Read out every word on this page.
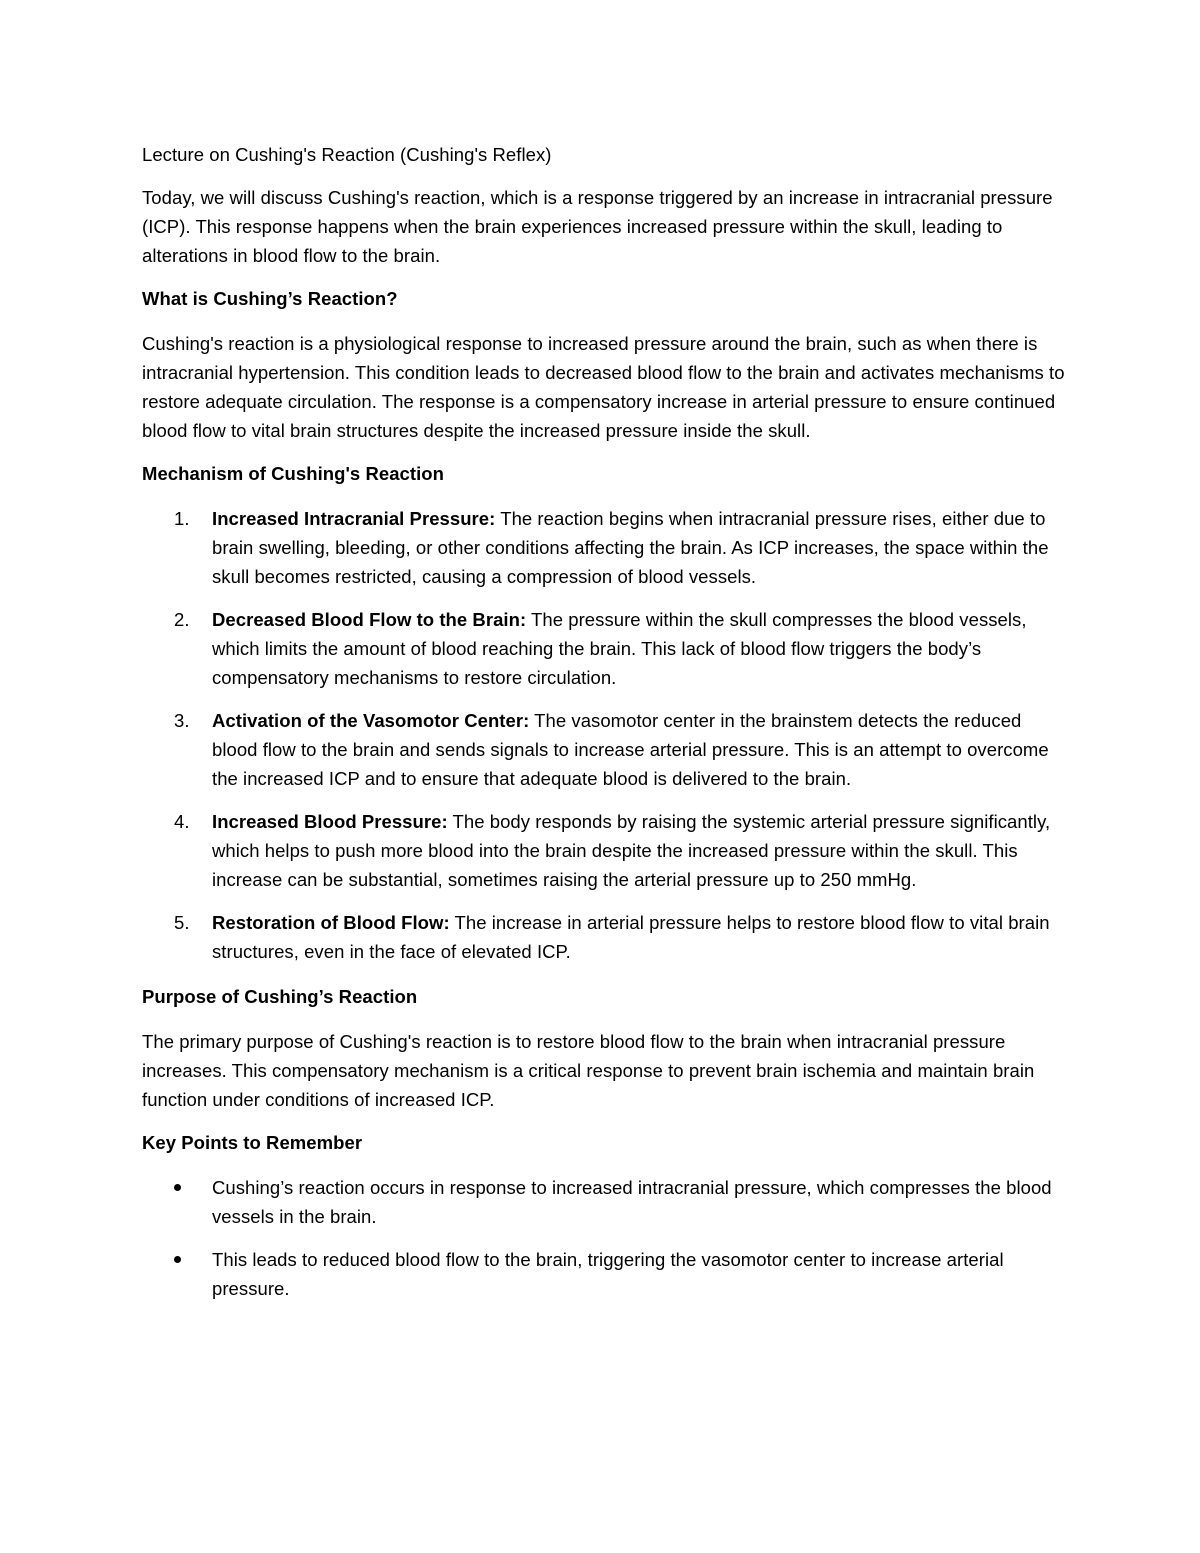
Lecture on Cushing's Reaction (Cushing's Reflex)

Today, we will discuss Cushing's reaction, which is a response triggered by an increase in intracranial pressure (ICP). This response happens when the brain experiences increased pressure within the skull, leading to alterations in blood flow to the brain.

What is Cushing’s Reaction?

Cushing's reaction is a physiological response to increased pressure around the brain, such as when there is intracranial hypertension. This condition leads to decreased blood flow to the brain and activates mechanisms to restore adequate circulation. The response is a compensatory increase in arterial pressure to ensure continued blood flow to vital brain structures despite the increased pressure inside the skull.

Mechanism of Cushing's Reaction

1. Increased Intracranial Pressure: The reaction begins when intracranial pressure rises, either due to brain swelling, bleeding, or other conditions affecting the brain. As ICP increases, the space within the skull becomes restricted, causing a compression of blood vessels.
2. Decreased Blood Flow to the Brain: The pressure within the skull compresses the blood vessels, which limits the amount of blood reaching the brain. This lack of blood flow triggers the body’s compensatory mechanisms to restore circulation.
3. Activation of the Vasomotor Center: The vasomotor center in the brainstem detects the reduced blood flow to the brain and sends signals to increase arterial pressure. This is an attempt to overcome the increased ICP and to ensure that adequate blood is delivered to the brain.
4. Increased Blood Pressure: The body responds by raising the systemic arterial pressure significantly, which helps to push more blood into the brain despite the increased pressure within the skull. This increase can be substantial, sometimes raising the arterial pressure up to 250 mmHg.
5. Restoration of Blood Flow: The increase in arterial pressure helps to restore blood flow to vital brain structures, even in the face of elevated ICP.

Purpose of Cushing’s Reaction

The primary purpose of Cushing's reaction is to restore blood flow to the brain when intracranial pressure increases. This compensatory mechanism is a critical response to prevent brain ischemia and maintain brain function under conditions of increased ICP.

Key Points to Remember

Cushing’s reaction occurs in response to increased intracranial pressure, which compresses the blood vessels in the brain.
This leads to reduced blood flow to the brain, triggering the vasomotor center to increase arterial pressure.
